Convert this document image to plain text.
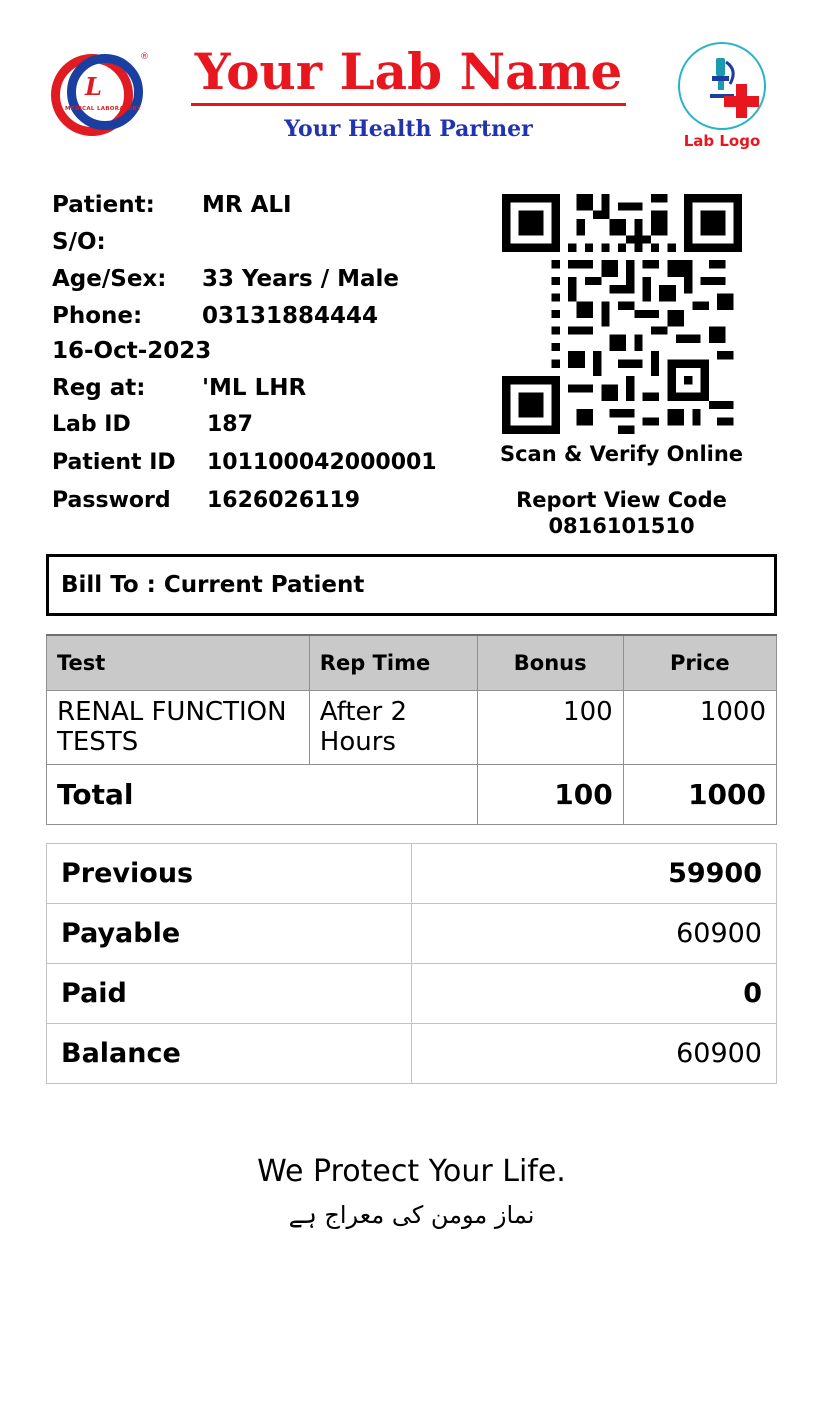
L
®
MEDICAL LABORATORY
Your Lab Name
Your Health Partner	Lab Logo
Patient:	MR ALI
S/O:
Age/Sex:	33 Years / Male
Phone:	03131884444
16-Oct-2023
Reg at:	'ML LHR
Lab ID	187
Patient ID	101100042000001
Password	1626026119
Scan & Verify Online
Report View Code
0816101510
Bill To : Current Patient
Test	Rep Time	Bonus	Price
RENAL FUNCTION TESTS	After 2 Hours	100	1000
Total		100	1000
Previous	59900
Payable	60900
Paid	0
Balance	60900
We Protect Your Life.
نماز مومن کی معراج ہے
